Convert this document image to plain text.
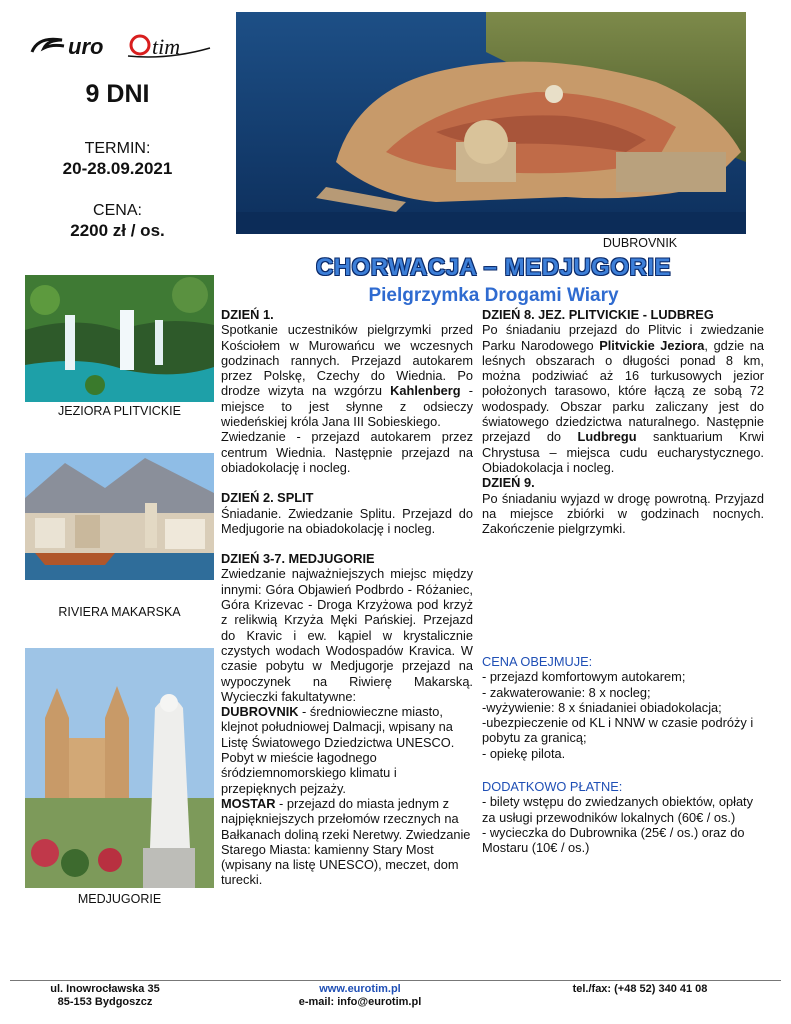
uro tim
9 DNI
TERMIN:
20-28.09.2021
CENA:
2200 zł / os.
DUBROVNIK
CHORWACJA – MEDJUGORIE
Pielgrzymka Drogami Wiary
JEZIORA PLITVICKIE
RIVIERA MAKARSKA
MEDJUGORIE

DZIEŃ 1.

Spotkanie uczestników pielgrzymki przed Kościołem w Murowańcu we wczesnych godzinach rannych. Przejazd autokarem przez Polskę, Czechy do Wiednia. Po drodze wizyta na wzgórzu Kahlenberg - miejsce to jest słynne z odsieczy wiedeńskiej króla Jana III Sobieskiego.

Zwiedzanie - przejazd autokarem przez centrum Wiednia. Następnie przejazd na obiadokolację i nocleg.

DZIEŃ 2. SPLIT

Śniadanie. Zwiedzanie Splitu. Przejazd do Medjugorie na obiadokolację i nocleg.

DZIEŃ 3-7. MEDJUGORIE

Zwiedzanie najważniejszych miejsc między innymi: Góra Objawień Podbrdo - Różaniec, Góra Krizevac - Droga Krzyżowa pod krzyż z relikwią Krzyża Męki Pańskiej. Przejazd do Kravic i ew. kąpiel w krystalicznie czystych wodach Wodospadów Kravica. W czasie pobytu w Medjugorje przejazd na wypoczynek na Riwierę Makarską. Wycieczki fakultatywne:

DUBROVNIK - średniowieczne miasto, klejnot południowej Dalmacji, wpisany na Listę Światowego Dziedzictwa UNESCO. Pobyt w mieście łagodnego śródziemnomorskiego klimatu i przepięknych pejzaży.

MOSTAR - przejazd do miasta jednym z najpiękniejszych przełomów rzecznych na Bałkanach doliną rzeki Neretwy. Zwiedzanie Starego Miasta: kamienny Stary Most (wpisany na listę UNESCO), meczet, dom turecki.

DZIEŃ 8. JEZ. PLITVICKIE - LUDBREG

Po śniadaniu przejazd do Plitvic i zwiedzanie Parku Narodowego Plitvickie Jeziora, gdzie na leśnych obszarach o długości ponad 8 km, można podziwiać aż 16 turkusowych jezior położonych tarasowo, które łączą ze sobą 72 wodospady. Obszar parku zaliczany jest do światowego dziedzictwa naturalnego. Następnie przejazd do Ludbregu sanktuarium Krwi Chrystusa – miejsca cudu eucharystycznego. Obiadokolacja i nocleg.

DZIEŃ 9.

Po śniadaniu wyjazd w drogę powrotną. Przyjazd na miejsce zbiórki w godzinach nocnych. Zakończenie pielgrzymki.

CENA OBEJMUJE:

- przejazd komfortowym autokarem;

- zakwaterowanie: 8 x nocleg;

-wyżywienie: 8 x śniadaniei obiadokolacja;

-ubezpieczenie od KL i NNW w czasie podróży i pobytu za granicą;

- opiekę pilota.

DODATKOWO PŁATNE:

- bilety wstępu do zwiedzanych obiektów, opłaty za usługi przewodników lokalnych (60€ / os.)

- wycieczka do Dubrownika (25€ / os.) oraz do Mostaru (10€ / os.)

ul. Inowrocławska 35
85-153 Bydgoszcz
www.eurotim.pl
e-mail: info@eurotim.pl
tel./fax: (+48 52) 340 41 08
